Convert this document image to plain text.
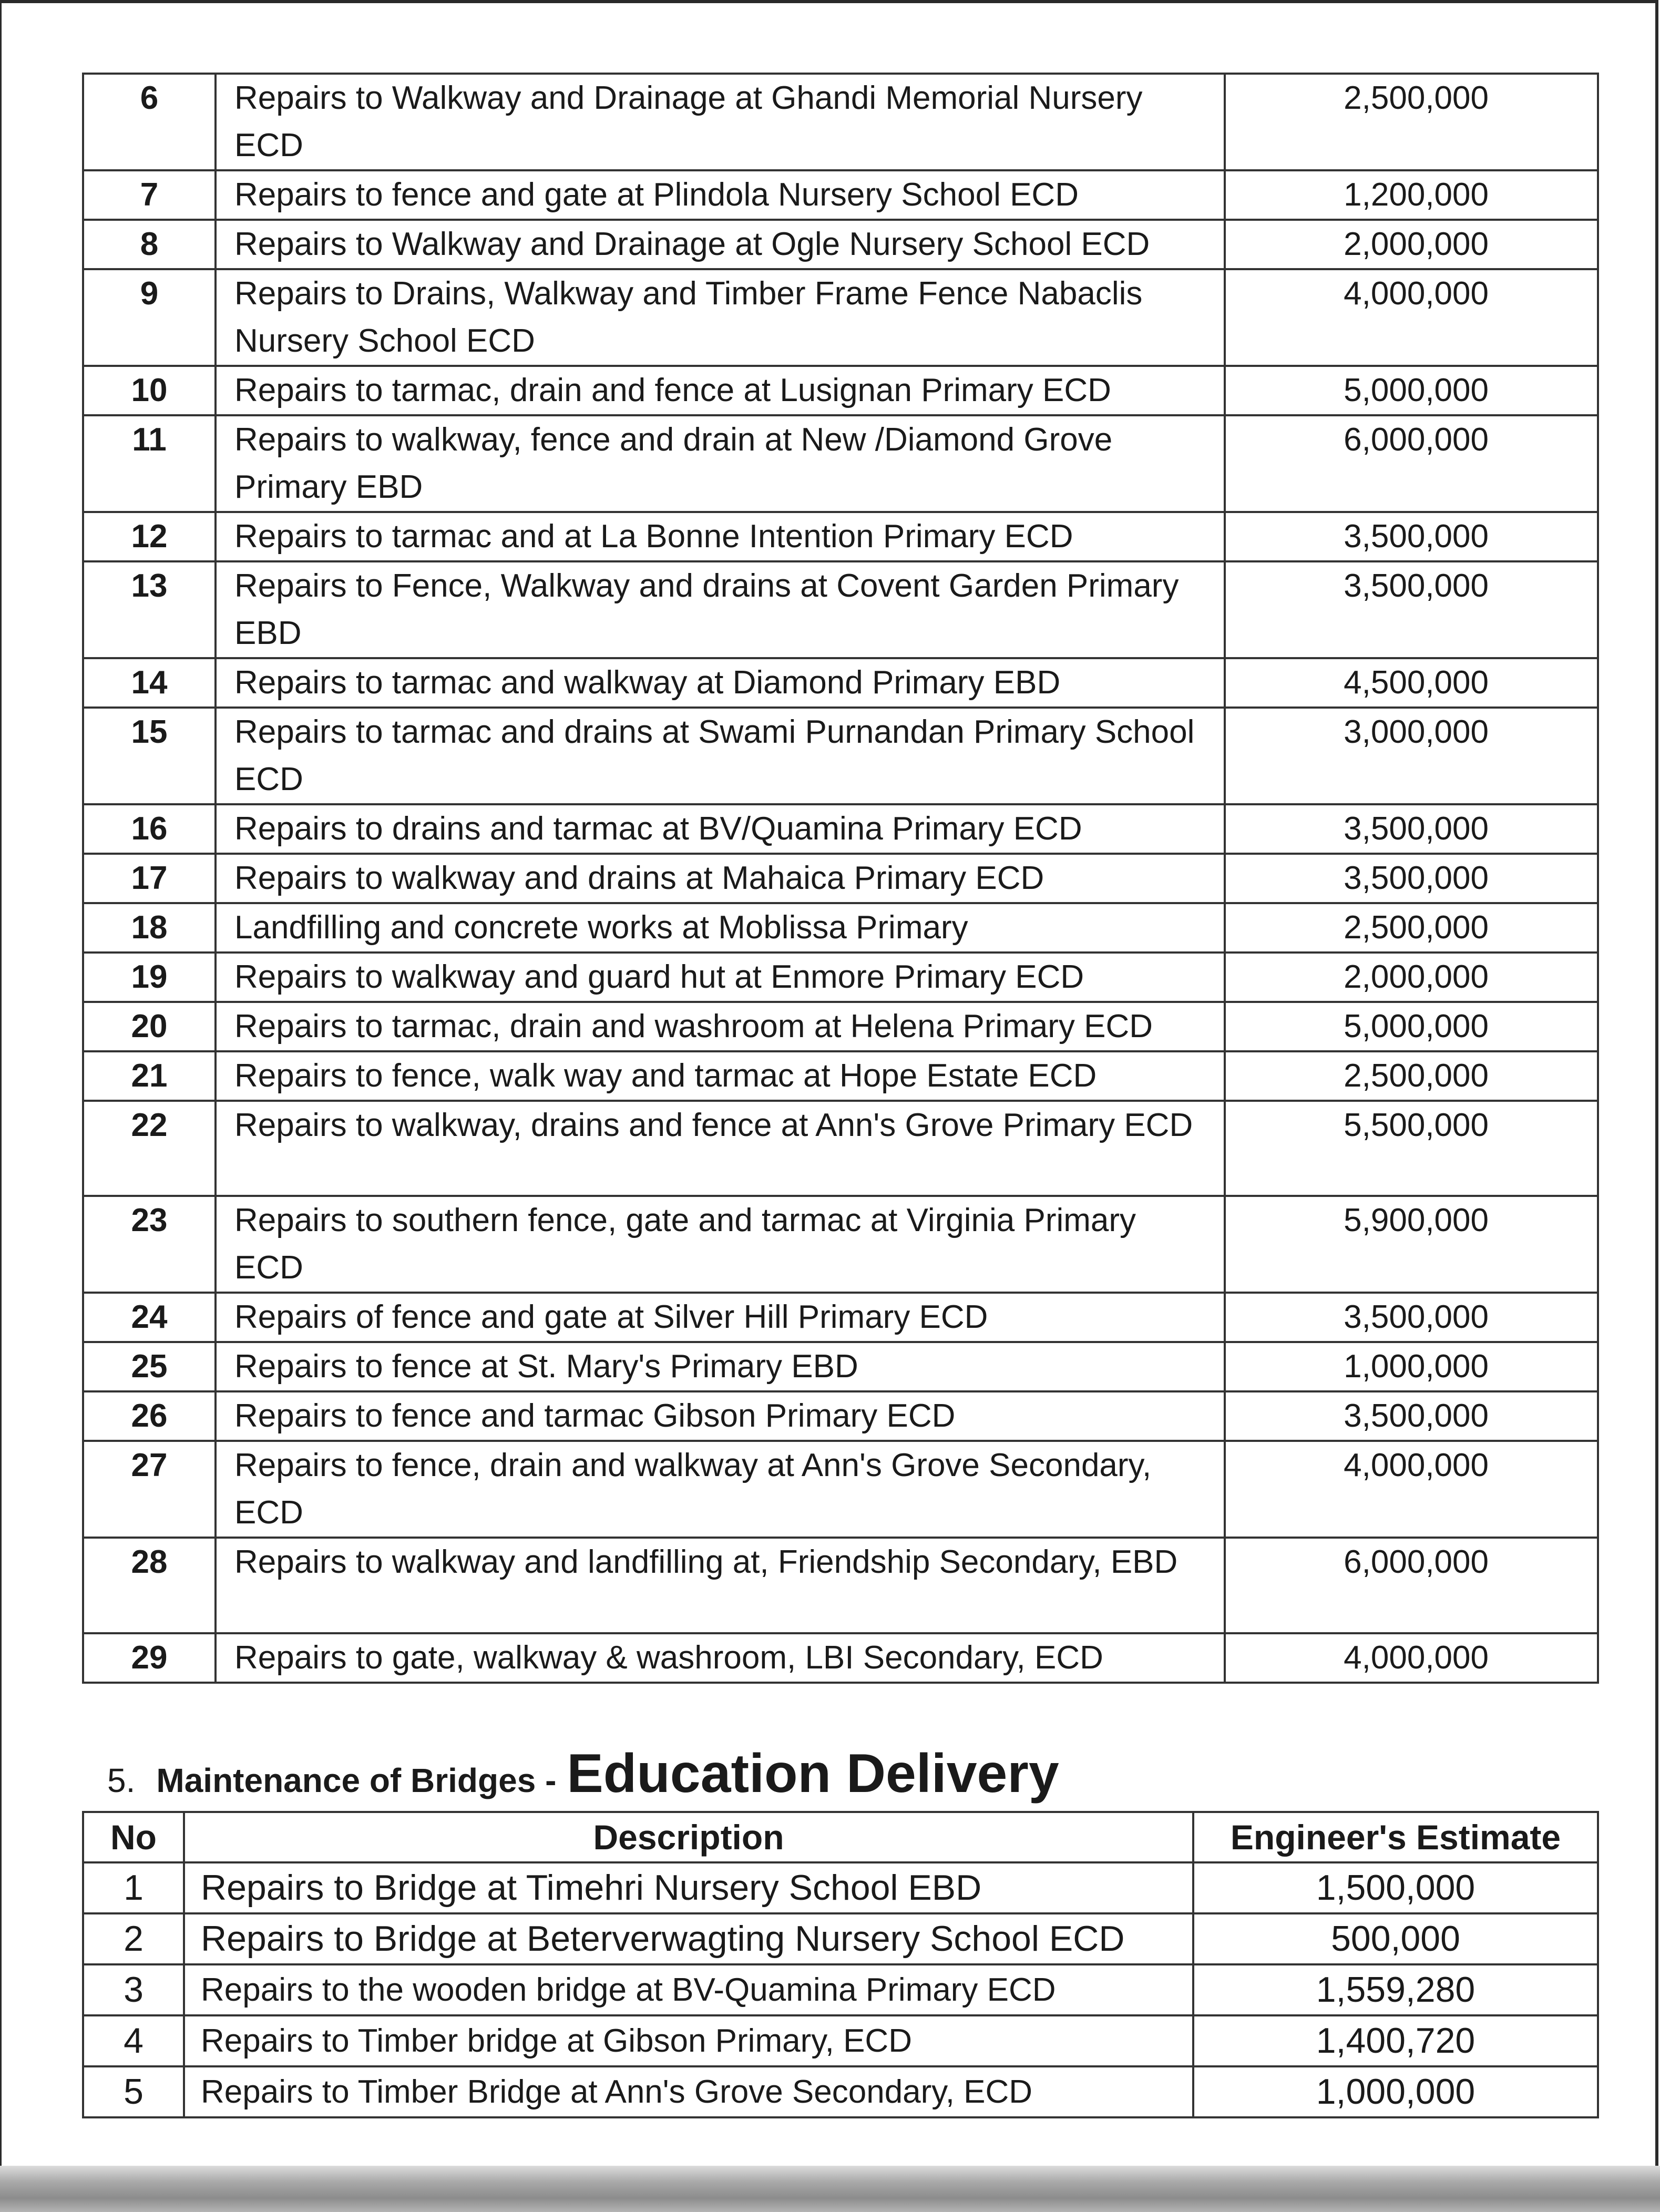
6	Repairs to Walkway and Drainage at Ghandi Memorial Nursery ECD	2,500,000
7	Repairs to fence and gate at Plindola Nursery School ECD	1,200,000
8	Repairs to Walkway and Drainage at Ogle Nursery School ECD	2,000,000
9	Repairs to Drains, Walkway and Timber Frame Fence Nabaclis Nursery School ECD	4,000,000
10	Repairs to tarmac, drain and fence at Lusignan Primary ECD	5,000,000
11	Repairs to walkway, fence and drain at New /Diamond Grove Primary EBD	6,000,000
12	Repairs to tarmac and at La Bonne Intention Primary ECD	3,500,000
13	Repairs to Fence, Walkway and drains at Covent Garden Primary EBD	3,500,000
14	Repairs to tarmac and walkway at Diamond Primary EBD	4,500,000
15	Repairs to tarmac and drains at Swami Purnandan Primary School ECD	3,000,000
16	Repairs to drains and tarmac at BV/Quamina Primary ECD	3,500,000
17	Repairs to walkway and drains at Mahaica Primary ECD	3,500,000
18	Landfilling and concrete works at Moblissa Primary	2,500,000
19	Repairs to walkway and guard hut at Enmore Primary ECD	2,000,000
20	Repairs to tarmac, drain and washroom at Helena Primary ECD	5,000,000
21	Repairs to fence, walk way and tarmac at Hope Estate ECD	2,500,000
22	Repairs to walkway, drains and fence at Ann's Grove Primary ECD	5,500,000
23	Repairs to southern fence, gate and tarmac at Virginia Primary ECD	5,900,000
24	Repairs of fence and gate at Silver Hill Primary ECD	3,500,000
25	Repairs to fence at St. Mary's Primary EBD	1,000,000
26	Repairs to fence and tarmac Gibson Primary ECD	3,500,000
27	Repairs to fence, drain and walkway at Ann's Grove Secondary, ECD	4,000,000
28	Repairs to walkway and landfilling at, Friendship Secondary, EBD	6,000,000
29	Repairs to gate, walkway & washroom, LBI Secondary, ECD	4,000,000
5. Maintenance of Bridges - Education Delivery
No	Description	Engineer's Estimate
1	Repairs to Bridge at Timehri Nursery School EBD	1,500,000
2	Repairs to Bridge at Beterverwagting Nursery School ECD	500,000
3	Repairs to the wooden bridge at BV-Quamina Primary ECD	1,559,280
4	Repairs to Timber bridge at Gibson Primary, ECD	1,400,720
5	Repairs to Timber Bridge at Ann's Grove Secondary, ECD	1,000,000
